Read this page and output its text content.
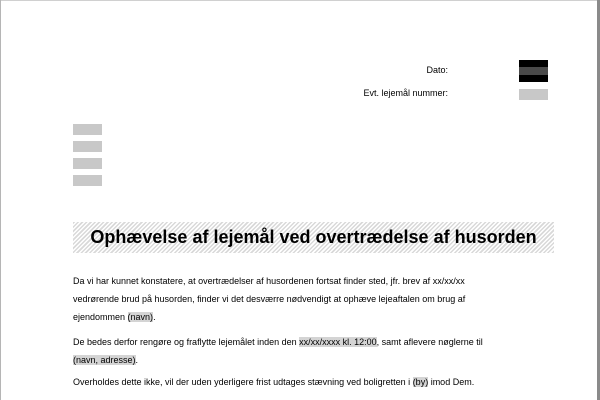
Dato:
Evt. lejemål nummer:
Ophævelse af lejemål ved overtrædelse af husorden
Da vi har kunnet konstatere, at overtrædelser af husordenen fortsat finder sted, jfr. brev af xx/xx/xx
vedrørende brud på husorden, finder vi det desværre nødvendigt at ophæve lejeaftalen om brug af
ejendommen (navn).
De bedes derfor rengøre og fraflytte lejemålet inden den xx/xx/xxxx kl. 12:00, samt aflevere nøglerne til
(navn, adresse).
Overholdes dette ikke, vil der uden yderligere frist udtages stævning ved boligretten i (by) imod Dem.
